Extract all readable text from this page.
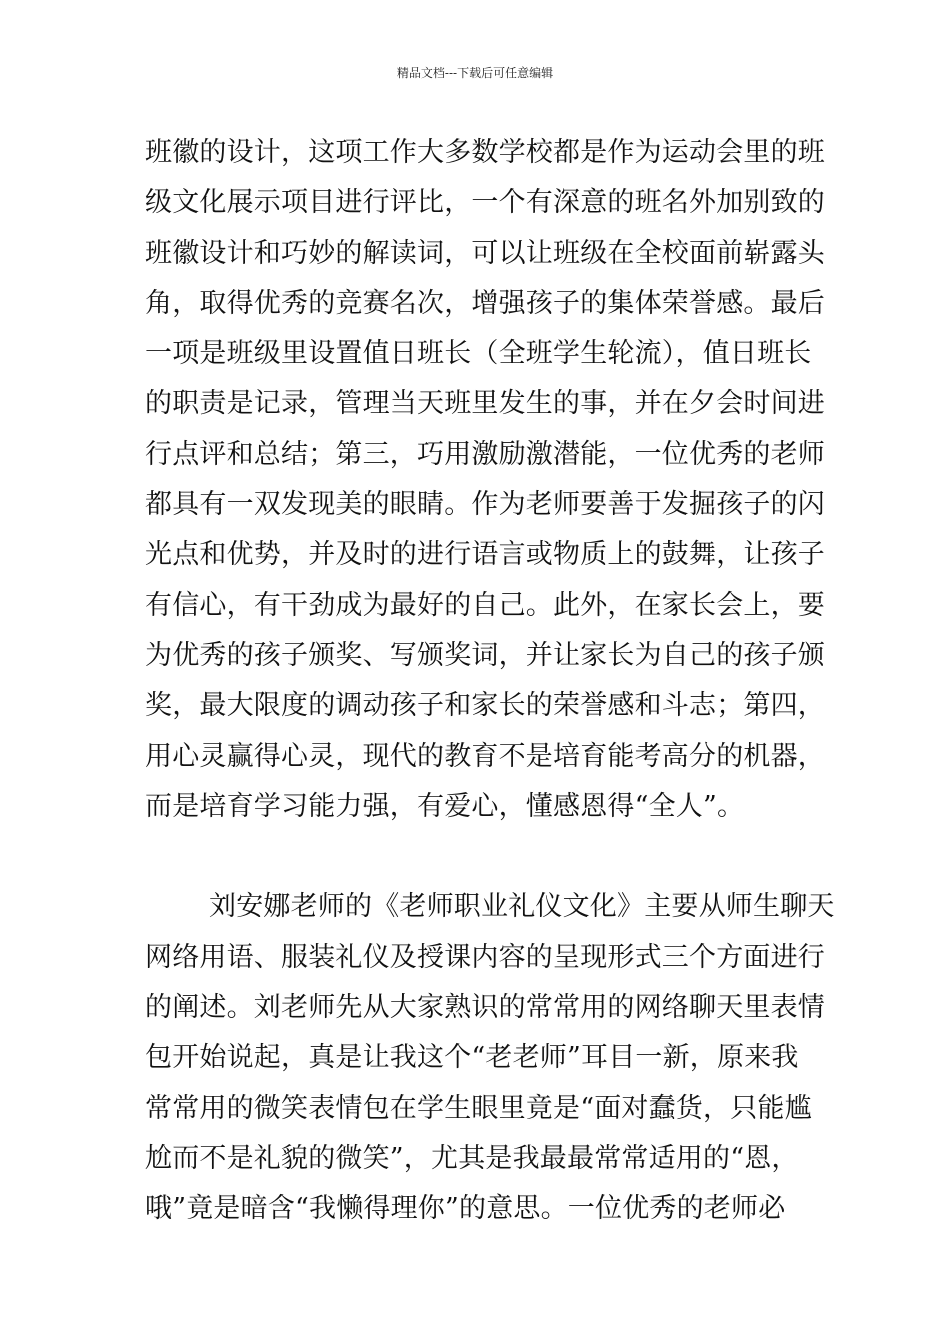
精品文档---下载后可任意编辑
班徽的设计，这项工作大多数学校都是作为运动会里的班
级文化展示项目进行评比，一个有深意的班名外加别致的
班徽设计和巧妙的解读词，可以让班级在全校面前崭露头
角，取得优秀的竞赛名次，增强孩子的集体荣誉感。最后
一项是班级里设置值日班长（全班学生轮流），值日班长
的职责是记录，管理当天班里发生的事，并在夕会时间进
行点评和总结；第三，巧用激励激潜能，一位优秀的老师
都具有一双发现美的眼睛。作为老师要善于发掘孩子的闪
光点和优势，并及时的进行语言或物质上的鼓舞，让孩子
有信心，有干劲成为最好的自己。此外，在家长会上，要
为优秀的孩子颁奖、写颁奖词，并让家长为自己的孩子颁
奖，最大限度的调动孩子和家长的荣誉感和斗志；第四，
用心灵赢得心灵，现代的教育不是培育能考高分的机器，
而是培育学习能力强，有爱心，懂感恩得“全人”。
刘安娜老师的《老师职业礼仪文化》主要从师生聊天
网络用语、服装礼仪及授课内容的呈现形式三个方面进行
的阐述。刘老师先从大家熟识的常常用的网络聊天里表情
包开始说起，真是让我这个“老老师”耳目一新，原来我
常常用的微笑表情包在学生眼里竟是“面对蠢货，只能尴
尬而不是礼貌的微笑”，尤其是我最最常常适用的“恩，
哦”竟是暗含“我懒得理你”的意思。一位优秀的老师必
